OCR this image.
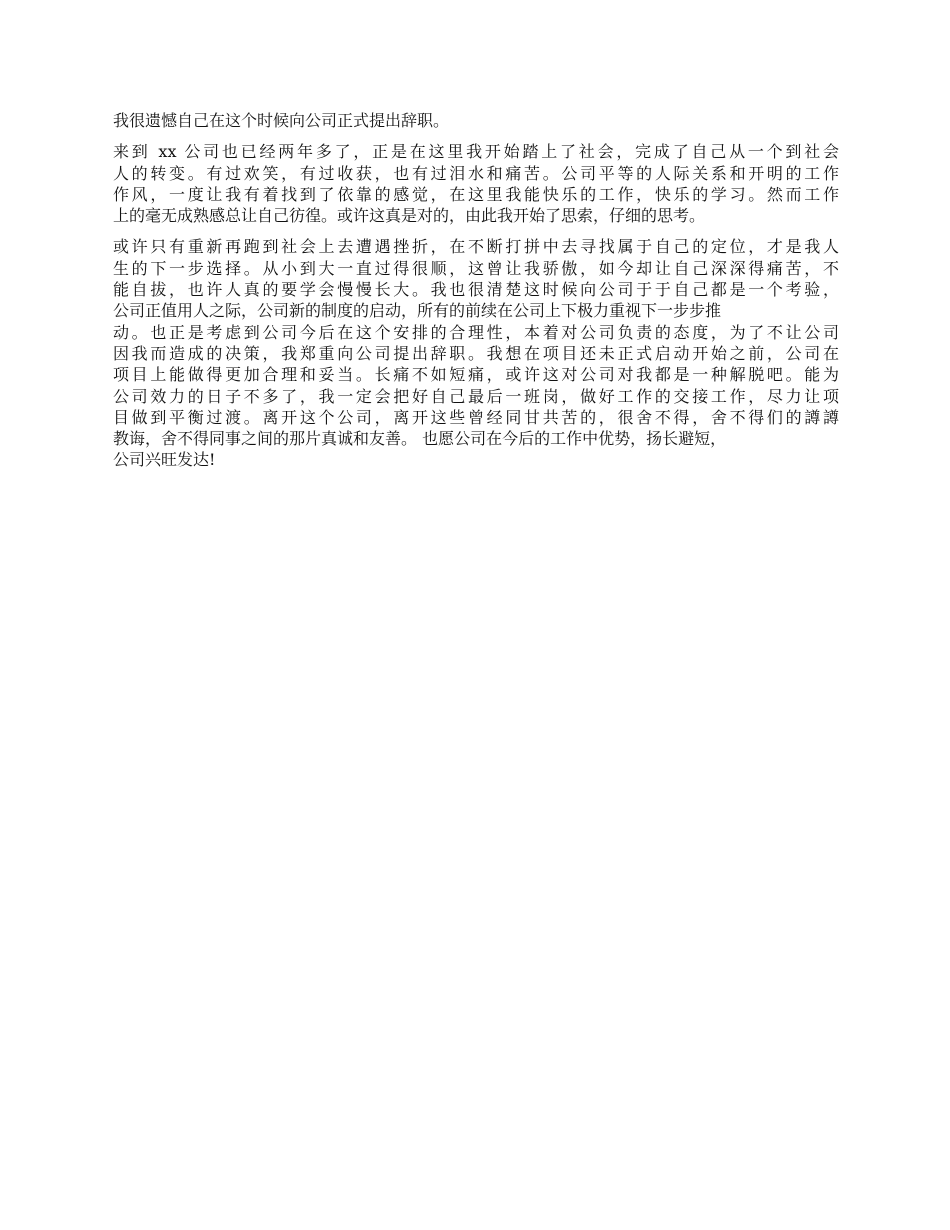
我很遗憾自己在这个时候向公司正式提出辞职。

来到 xx 公司也已经两年多了，正是在这里我开始踏上了社会，完成了自己从一个到社会
人的转变。有过欢笑，有过收获，也有过泪水和痛苦。公司平等的人际关系和开明的工作
作风，一度让我有着找到了依靠的感觉，在这里我能快乐的工作，快乐的学习。然而工作
上的毫无成熟感总让自己彷徨。或许这真是对的，由此我开始了思索，仔细的思考。

或许只有重新再跑到社会上去遭遇挫折，在不断打拼中去寻找属于自己的定位，才是我人
生的下一步选择。从小到大一直过得很顺，这曾让我骄傲，如今却让自己深深得痛苦，不
能自拔，也许人真的要学会慢慢长大。我也很清楚这时候向公司于于自己都是一个考验，
公司正值用人之际，公司新的制度的启动，所有的前续在公司上下极力重视下一步步推
动。也正是考虑到公司今后在这个安排的合理性，本着对公司负责的态度，为了不让公司
因我而造成的决策，我郑重向公司提出辞职。我想在项目还未正式启动开始之前，公司在
项目上能做得更加合理和妥当。长痛不如短痛，或许这对公司对我都是一种解脱吧。能为
公司效力的日子不多了，我一定会把好自己最后一班岗，做好工作的交接工作，尽力让项
目做到平衡过渡。离开这个公司，离开这些曾经同甘共苦的，很舍不得，舍不得们的譐譐
教诲，舍不得同事之间的那片真诚和友善。 也愿公司在今后的工作中优势，扬长避短，
公司兴旺发达!
